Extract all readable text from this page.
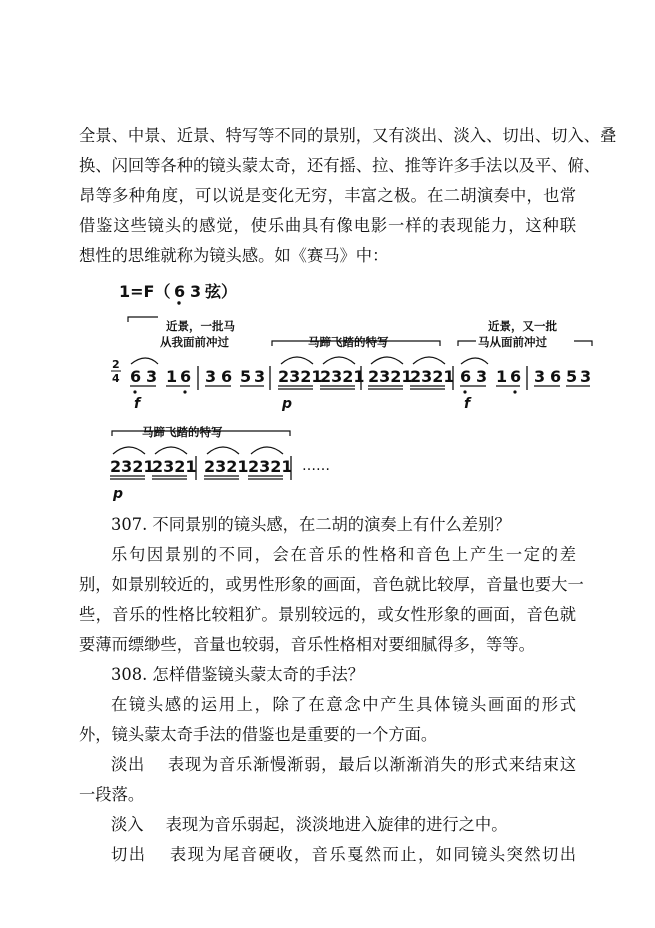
全景、中景、近景、特写等不同的景别，又有淡出、淡入、切出、切入、叠
换、闪回等各种的镜头蒙太奇，还有摇、拉、推等许多手法以及平、俯、
昂等多种角度，可以说是变化无穷，丰富之极。在二胡演奏中，也常
借鉴这些镜头的感觉，使乐曲具有像电影一样的表现能力，这种联
想性的思维就称为镜头感。如《赛马》中：
1=F（ 6 3 弦）
近景，一批马
从我面前冲过	马蹄飞踏的特写
近景，又一批
马从面前冲过
马蹄飞踏的特写
2
4 6 3 1 6 3 6 5 3 2321
2321 2321
2321 6 3 1 6 3 6 5 3
f	p	f
2321
2321 2321 2321 ……
p
307. 不同景别的镜头感，在二胡的演奏上有什么差别？
乐句因景别的不同，会在音乐的性格和音色上产生一定的差
别，如景别较近的，或男性形象的画面，音色就比较厚，音量也要大一
些，音乐的性格比较粗犷。景别较远的，或女性形象的画面，音色就
要薄而缥缈些，音量也较弱，音乐性格相对要细腻得多，等等。
308. 怎样借鉴镜头蒙太奇的手法？
在镜头感的运用上，除了在意念中产生具体镜头画面的形式
外，镜头蒙太奇手法的借鉴也是重要的一个方面。
淡出 表现为音乐渐慢渐弱，最后以渐渐消失的形式来结束这
一段落。
淡入 表现为音乐弱起，淡淡地进入旋律的进行之中。
切出 表现为尾音硬收，音乐戛然而止，如同镜头突然切出
